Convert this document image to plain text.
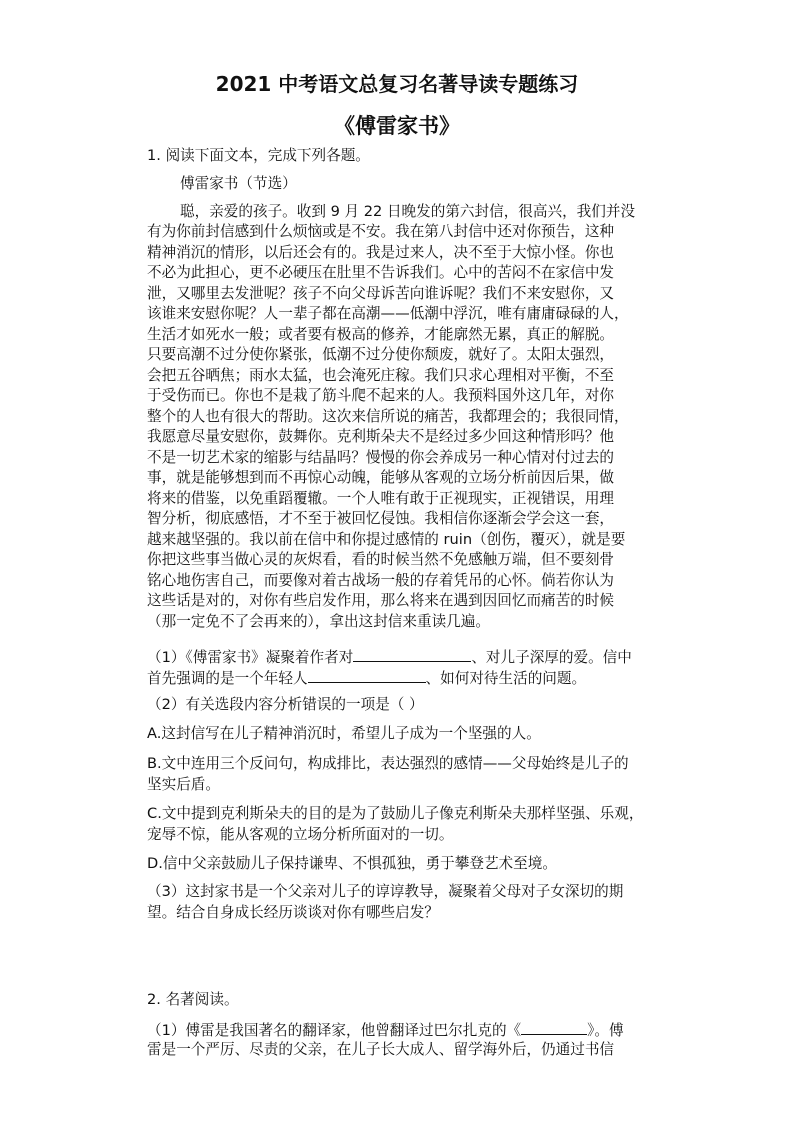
2021 中考语文总复习名著导读专题练习
《傅雷家书》

1. 阅读下面文本，完成下列各题。

傅雷家书（节选）

聪，亲爱的孩子。收到 9 月 22 日晚发的第六封信，很高兴，我们并没

有为你前封信感到什么烦恼或是不安。我在第八封信中还对你预告，这种

精神消沉的情形，以后还会有的。我是过来人，决不至于大惊小怪。你也

不必为此担心，更不必硬压在肚里不告诉我们。心中的苦闷不在家信中发

泄，又哪里去发泄呢？孩子不向父母诉苦向谁诉呢？我们不来安慰你，又

该谁来安慰你呢？人一辈子都在高潮——低潮中浮沉，唯有庸庸碌碌的人，

生活才如死水一般；或者要有极高的修养，才能廓然无累，真正的解脱。

只要高潮不过分使你紧张，低潮不过分使你颓废，就好了。太阳太强烈，

会把五谷晒焦；雨水太猛，也会淹死庄稼。我们只求心理相对平衡，不至

于受伤而已。你也不是栽了筋斗爬不起来的人。我预料国外这几年，对你

整个的人也有很大的帮助。这次来信所说的痛苦，我都理会的；我很同情，

我愿意尽量安慰你，鼓舞你。克利斯朵夫不是经过多少回这种情形吗？他

不是一切艺术家的缩影与结晶吗？慢慢的你会养成另一种心情对付过去的

事，就是能够想到而不再惊心动魄，能够从客观的立场分析前因后果，做

将来的借鉴，以免重蹈覆辙。一个人唯有敢于正视现实，正视错误，用理

智分析，彻底感悟，才不至于被回忆侵蚀。我相信你逐渐会学会这一套，

越来越坚强的。我以前在信中和你提过感情的 ruin（创伤，覆灭），就是要

你把这些事当做心灵的灰烬看，看的时候当然不免感触万端，但不要刻骨

铭心地伤害自己，而要像对着古战场一般的存着凭吊的心怀。倘若你认为

这些话是对的，对你有些启发作用，那么将来在遇到因回忆而痛苦的时候

（那一定免不了会再来的），拿出这封信来重读几遍。

（1）《傅雷家书》凝聚着作者对	、对儿子深厚的爱。信中

首先强调的是一个年轻人	、如何对待生活的问题。

（2）有关选段内容分析错误的一项是（ ）

A.这封信写在儿子精神消沉时，希望儿子成为一个坚强的人。

B.文中连用三个反问句，构成排比，表达强烈的感情——父母始终是儿子的

坚实后盾。

C.文中提到克利斯朵夫的目的是为了鼓励儿子像克利斯朵夫那样坚强、乐观，

宠辱不惊，能从客观的立场分析所面对的一切。

D.信中父亲鼓励儿子保持谦卑、不惧孤独，勇于攀登艺术至境。

（3）这封家书是一个父亲对儿子的谆谆教导，凝聚着父母对子女深切的期

望。结合自身成长经历谈谈对你有哪些启发？

2. 名著阅读。

（1）傅雷是我国著名的翻译家，他曾翻译过巴尔扎克的《	》。傅

雷是一个严厉、尽责的父亲，在儿子长大成人、留学海外后，仍通过书信
